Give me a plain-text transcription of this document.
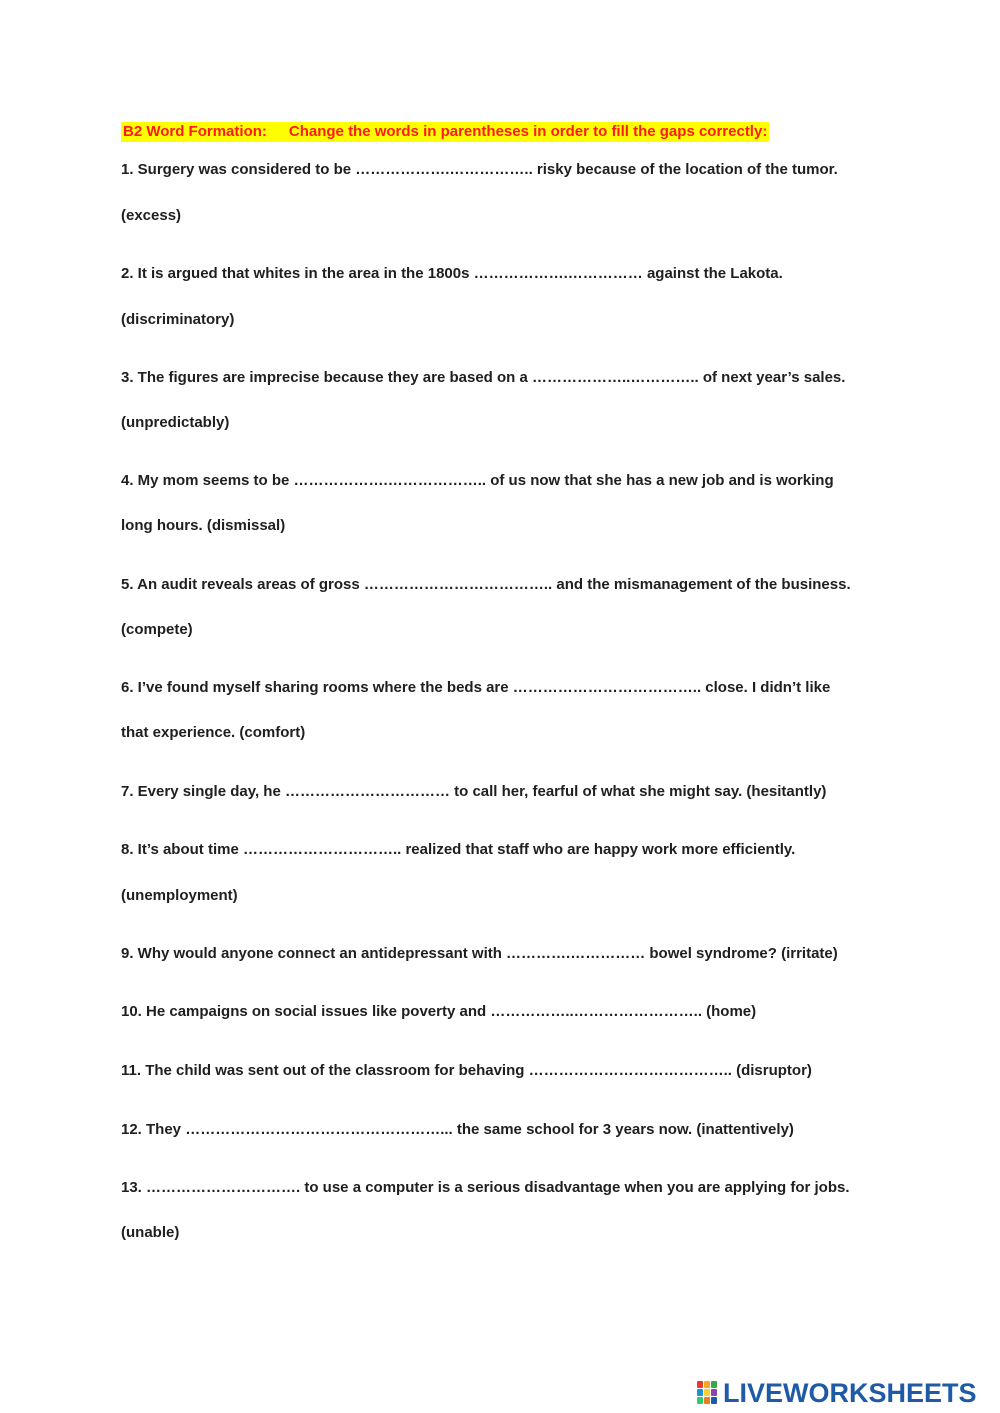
B2 Word Formation: Change the words in parentheses in order to fill the gaps correctly:
1. Surgery was considered to be ……………….…………….. risky because of the location of the tumor.
(excess)
2. It is argued that whites in the area in the 1800s ……………….…………… against the Lakota.
(discriminatory)
3. The figures are imprecise because they are based on a ………………..………….. of next year’s sales.
(unpredictably)
4. My mom seems to be ……………….……………….. of us now that she has a new job and is working
long hours. (dismissal)
5. An audit reveals areas of gross ……………………………….. and the mismanagement of the business.
(compete)
6. I’ve found myself sharing rooms where the beds are ……………………………….. close. I didn’t like
that experience. (comfort)
7. Every single day, he …………………………… to call her, fearful of what she might say. (hesitantly)
8. It’s about time ………………………….. realized that staff who are happy work more efficiently.
(unemployment)
9. Why would anyone connect an antidepressant with ………….…………… bowel syndrome? (irritate)
10. He campaigns on social issues like poverty and ……………..…………………….. (home)
11. The child was sent out of the classroom for behaving ………………………………….. (disruptor)
12. They ……………………………………………... the same school for 3 years now. (inattentively)
13. …………………………. to use a computer is a serious disadvantage when you are applying for jobs.
(unable)
LIVEWORKSHEETS
